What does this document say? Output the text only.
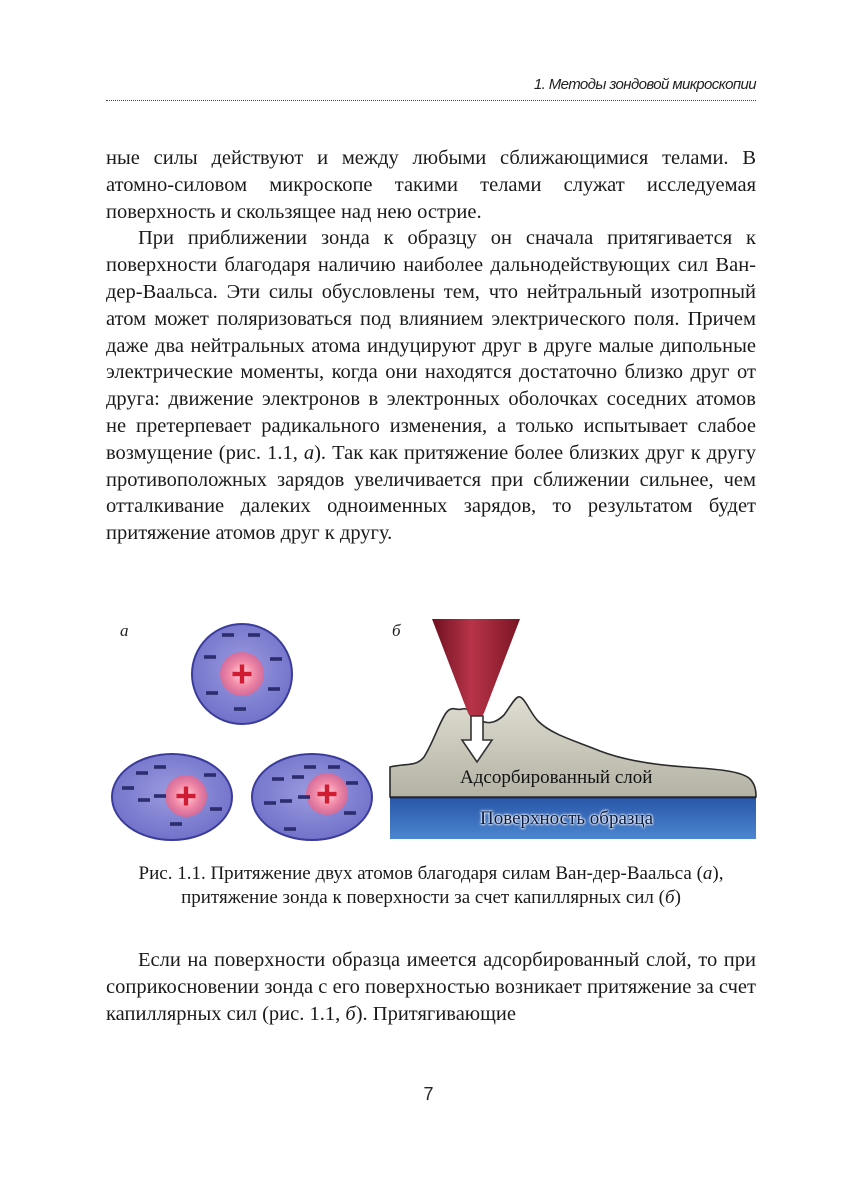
1. Методы зондовой микроскопии

ные силы действуют и между любыми сближающимися телами. В атомно-силовом микроскопе такими телами служат исследуемая поверхность и скользящее над нею острие.

При приближении зонда к образцу он сначала притягивается к поверхности благодаря наличию наиболее дальнодействующих сил Ван-дер-Ваальса. Эти силы обусловлены тем, что нейтральный изотропный атом может поляризоваться под влиянием электрического поля. Причем даже два нейтральных атома индуцируют друг в друге малые дипольные электрические моменты, когда они находятся достаточно близко друг от друга: движение электронов в электронных оболочках соседних атомов не претерпевает радикального изменения, а только испытывает слабое возмущение (рис. 1.1, а). Так как притяжение более близких друг к другу противоположных зарядов увеличивается при сближении сильнее, чем отталкивание далеких одноименных зарядов, то результатом будет притяжение атомов друг к другу.

а	б
Адсорбированный слой
Поверхность образца
Рис. 1.1. Притяжение двух атомов благодаря силам Ван-дер-Ваальса (а),
притяжение зонда к поверхности за счет капиллярных сил (б)

Если на поверхности образца имеется адсорбированный слой, то при соприкосновении зонда с его поверхностью возникает притяжение за счет капиллярных сил (рис. 1.1, б). Притягивающие

7
